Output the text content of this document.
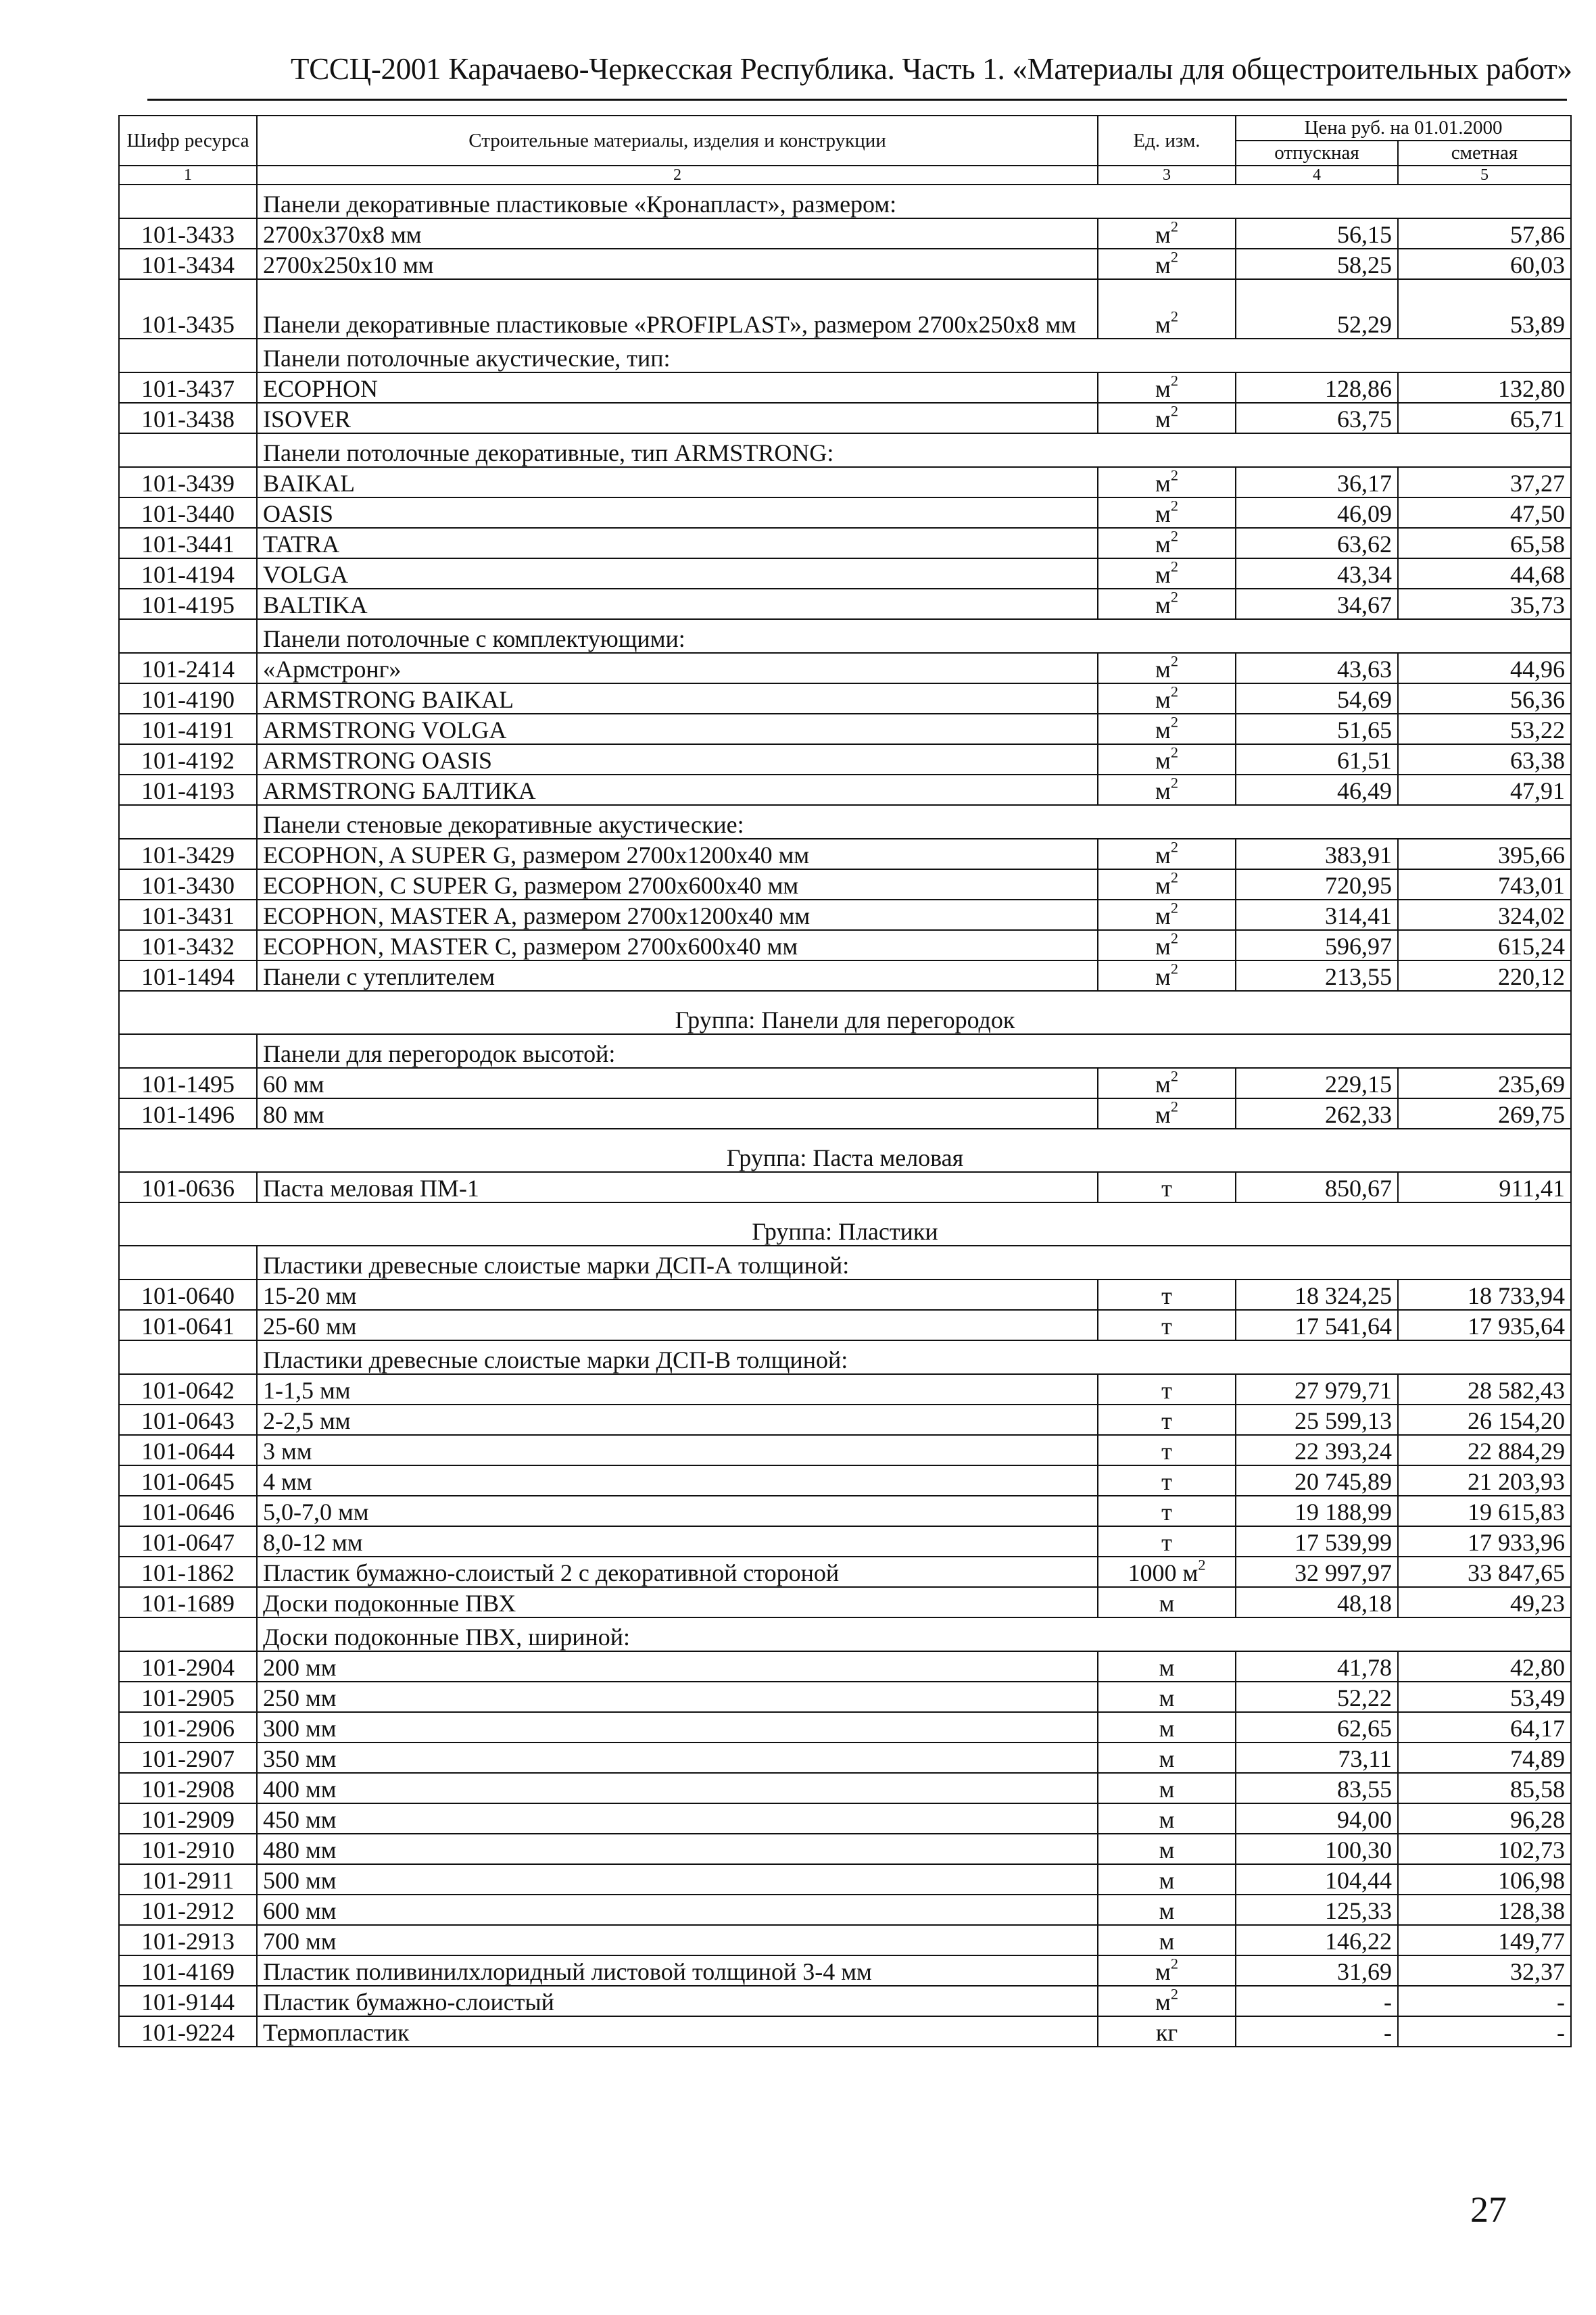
ТССЦ-2001 Карачаево-Черкесская Республика. Часть 1. «Материалы для общестроительных работ»
Шифр ресурса	Строительные материалы, изделия и конструкции	Ед. изм.	Цена руб. на 01.01.2000	
			отпускная	сметная
1	2	3	4	5
	Панели декоративные пластиковые «Кронапласт», размером:			
101-3433	2700х370х8 мм	$м^2$	56,15	57,86
101-3434	2700х250х10 мм	$м^2$	58,25	60,03
101-3435	Панели декоративные пластиковые «PROFIPLAST», размером 2700х250х8 мм	$м^2$	52,29	53,89
	Панели потолочные акустические, тип:			
101-3437	ECOPHON	$м^2$	128,86	132,80
101-3438	ISOVER	$м^2$	63,75	65,71
	Панели потолочные декоративные, тип ARMSTRONG:			
101-3439	BAIKAL	$м^2$	36,17	37,27
101-3440	OASIS	$м^2$	46,09	47,50
101-3441	TATRA	$м^2$	63,62	65,58
101-4194	VOLGA	$м^2$	43,34	44,68
101-4195	BALTIKA	$м^2$	34,67	35,73
	Панели потолочные с комплектующими:			
101-2414	«Армстронг»	$м^2$	43,63	44,96
101-4190	ARMSTRONG BAIKAL	$м^2$	54,69	56,36
101-4191	ARMSTRONG VOLGA	$м^2$	51,65	53,22
101-4192	ARMSTRONG OASIS	$м^2$	61,51	63,38
101-4193	ARMSTRONG БАЛТИКА	$м^2$	46,49	47,91
	Панели стеновые декоративные акустические:			
101-3429	ECOPHON, A SUPER G, размером 2700х1200х40 мм	$м^2$	383,91	395,66
101-3430	ECOPHON, C SUPER G, размером 2700х600х40 мм	$м^2$	720,95	743,01
101-3431	ECOPHON, MASTER A, размером 2700х1200х40 мм	$м^2$	314,41	324,02
101-3432	ECOPHON, MASTER C, размером 2700х600х40 мм	$м^2$	596,97	615,24
101-1494	Панели с утеплителем	$м^2$	213,55	220,12
Группа: Панели для перегородок				
	Панели для перегородок высотой:			
101-1495	60 мм	$м^2$	229,15	235,69
101-1496	80 мм	$м^2$	262,33	269,75
Группа: Паста меловая				
101-0636	Паста меловая ПМ-1	т	850,67	911,41
Группа: Пластики				
	Пластики древесные слоистые марки ДСП-А толщиной:			
101-0640	15-20 мм	т	18 324,25	18 733,94
101-0641	25-60 мм	т	17 541,64	17 935,64
	Пластики древесные слоистые марки ДСП-В толщиной:			
101-0642	1-1,5 мм	т	27 979,71	28 582,43
101-0643	2-2,5 мм	т	25 599,13	26 154,20
101-0644	3 мм	т	22 393,24	22 884,29
101-0645	4 мм	т	20 745,89	21 203,93
101-0646	5,0-7,0 мм	т	19 188,99	19 615,83
101-0647	8,0-12 мм	т	17 539,99	17 933,96
101-1862	Пластик бумажно-слоистый 2 с декоративной стороной	1000 $м^2$	32 997,97	33 847,65
101-1689	Доски подоконные ПВХ	м	48,18	49,23
	Доски подоконные ПВХ, шириной:			
101-2904	200 мм	м	41,78	42,80
101-2905	250 мм	м	52,22	53,49
101-2906	300 мм	м	62,65	64,17
101-2907	350 мм	м	73,11	74,89
101-2908	400 мм	м	83,55	85,58
101-2909	450 мм	м	94,00	96,28
101-2910	480 мм	м	100,30	102,73
101-2911	500 мм	м	104,44	106,98
101-2912	600 мм	м	125,33	128,38
101-2913	700 мм	м	146,22	149,77
101-4169	Пластик поливинилхлоридный листовой толщиной 3-4 мм	$м^2$	31,69	32,37
101-9144	Пластик бумажно-слоистый	$м^2$	-	-
101-9224	Термопластик	кг	-	-
27
